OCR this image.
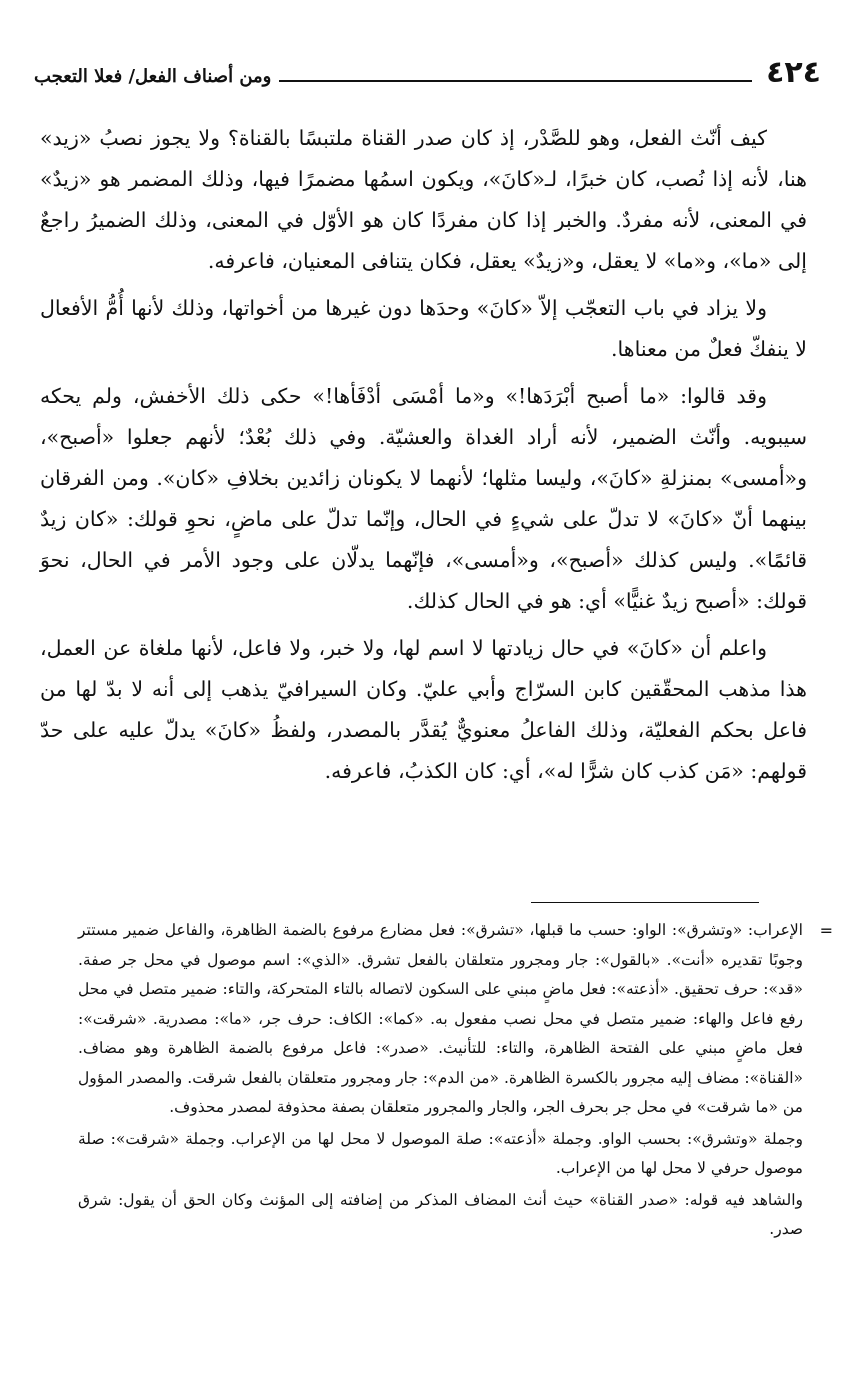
٤٢٤
ومن أصناف الفعل/ فعلا التعجب

كيف أنّث الفعل، وهو للصَّدْر، إذ كان صدر القناة ملتبسًا بالقناة؟ ولا يجوز نصبُ «زيد» هنا، لأنه إذا نُصب، كان خبرًا، لـ«كانَ»، ويكون اسمُها مضمرًا فيها، وذلك المضمر هو «زيدٌ» في المعنى، لأنه مفردٌ. والخبر إذا كان مفردًا كان هو الأوّل في المعنى، وذلك الضميرُ راجعٌ إلى «ما»، و«ما» لا يعقل، و«زيدٌ» يعقل، فكان يتنافى المعنيان، فاعرفه.

ولا يزاد في باب التعجّب إلاّ «كانَ» وحدَها دون غيرها من أخواتها، وذلك لأنها أُمُّ الأفعال لا ينفكّ فعلٌ من معناها.

وقد قالوا: «ما أصبح أبْرَدَها!» و«ما أمْسَى أدْفَأها!» حكى ذلك الأخفش، ولم يحكه سيبويه. وأنّث الضمير، لأنه أراد الغداة والعشيّة. وفي ذلك بُعْدٌ؛ لأنهم جعلوا «أصبح»، و«أمسى» بمنزلةِ «كانَ»، وليسا مثلها؛ لأنهما لا يكونان زائدين بخلافِ «كان». ومن الفرقان بينهما أنّ «كانَ» لا تدلّ على شيءٍ في الحال، وإنّما تدلّ على ماضٍ، نحوِ قولك: «كان زيدٌ قائمًا». وليس كذلك «أصبح»، و«أمسى»، فإنّهما يدلّان على وجود الأمر في الحال، نحوَ قولك: «أصبح زيدٌ غنيًّا» أي: هو في الحال كذلك.

واعلم أن «كانَ» في حال زيادتها لا اسم لها، ولا خبر، ولا فاعل، لأنها ملغاة عن العمل، هذا مذهب المحقّقين كابن السرّاج وأبي عليّ. وكان السيرافيّ يذهب إلى أنه لا بدّ لها من فاعل بحكم الفعليّة، وذلك الفاعلُ معنويٌّ يُقدَّر بالمصدر، ولفظُ «كانَ» يدلّ عليه على حدّ قولهم: «مَن كذب كان شرًّا له»، أي: كان الكذبُ، فاعرفه.

=
الإعراب: «وتشرق»: الواو: حسب ما قبلها، «تشرق»: فعل مضارع مرفوع بالضمة الظاهرة، والفاعل ضمير مستتر وجوبًا تقديره «أنت». «بالقول»: جار ومجرور متعلقان بالفعل تشرق. «الذي»: اسم موصول في محل جر صفة. «قد»: حرف تحقيق. «أذعته»: فعل ماضٍ مبني على السكون لاتصاله بالتاء المتحركة، والتاء: ضمير متصل في محل رفع فاعل والهاء: ضمير متصل في محل نصب مفعول به. «كما»: الكاف: حرف جر، «ما»: مصدرية. «شرقت»: فعل ماضٍ مبني على الفتحة الظاهرة، والتاء: للتأنيث. «صدر»: فاعل مرفوع بالضمة الظاهرة وهو مضاف. «القناة»: مضاف إليه مجرور بالكسرة الظاهرة. «من الدم»: جار ومجرور متعلقان بالفعل شرقت. والمصدر المؤول من «ما شرقت» في محل جر بحرف الجر، والجار والمجرور متعلقان بصفة محذوفة لمصدر محذوف.

وجملة «وتشرق»: بحسب الواو. وجملة «أذعته»: صلة الموصول لا محل لها من الإعراب. وجملة «شرقت»: صلة موصول حرفي لا محل لها من الإعراب.

والشاهد فيه قوله: «صدر القناة» حيث أنث المضاف المذكر من إضافته إلى المؤنث وكان الحق أن يقول: شرق صدر.
